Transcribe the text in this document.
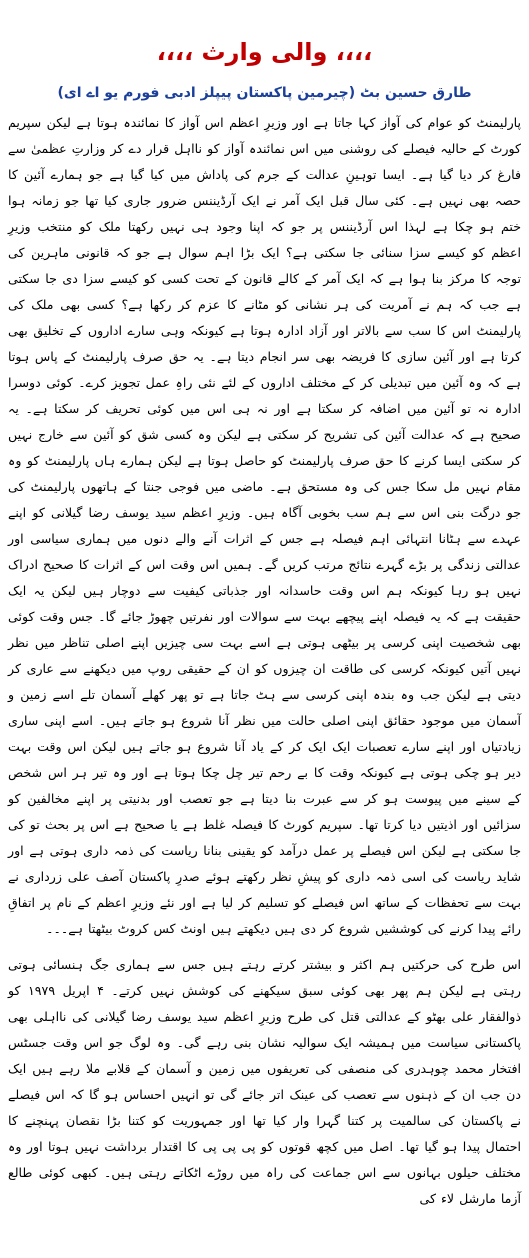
،،،، والی وارث ،،،،
طارق حسین بٹ (چیرمین پاکستان پیپلز ادبی فورم یو اے ای)

پارلیمنٹ کو عوام کی آواز کہا جاتا ہے اور وزیرِ اعظم اس آواز کا نمائندہ ہوتا ہے لیکن سپریم کورٹ کے حالیہ فیصلے کی روشنی میں اس نمائندہ آواز کو نااہل قرار دے کر وزارتِ عظمیٰ سے فارغ کر دیا گیا ہے۔ ایسا توہینِ عدالت کے جرم کی پاداش میں کیا گیا ہے جو ہمارے آئین کا حصہ بھی نہیں ہے۔ کئی سال قبل ایک آمر نے ایک آرڈیننس ضرور جاری کیا تھا جو زمانہ ہوا ختم ہو چکا ہے لہذا اس آرڈیننس پر جو کہ اپنا وجود ہی نہیں رکھتا ملک کو منتخب وزیرِ اعظم کو کیسے سزا سنائی جا سکتی ہے؟ ایک بڑا اہم سوال ہے جو کہ قانونی ماہرین کی توجہ کا مرکز بنا ہوا ہے کہ ایک آمر کے کالے قانون کے تحت کسی کو کیسے سزا دی جا سکتی ہے جب کہ ہم نے آمریت کی ہر نشانی کو مٹانے کا عزم کر رکھا ہے؟ کسی بھی ملک کی پارلیمنٹ اس کا سب سے بالاتر اور آزاد ادارہ ہوتا ہے کیونکہ وہی سارے اداروں کے تخلیق بھی کرتا ہے اور آئین سازی کا فریضہ بھی سر انجام دیتا ہے۔ یہ حق صرف پارلیمنٹ کے پاس ہوتا ہے کہ وہ آئین میں تبدیلی کر کے مختلف اداروں کے لئے نئی راہِ عمل تجویز کرے۔ کوئی دوسرا ادارہ نہ تو آئین میں اضافہ کر سکتا ہے اور نہ ہی اس میں کوئی تحریف کر سکتا ہے۔ یہ صحیح ہے کہ عدالت آئین کی تشریح کر سکتی ہے لیکن وہ کسی شق کو آئین سے خارج نہیں کر سکتی ایسا کرنے کا حق صرف پارلیمنٹ کو حاصل ہوتا ہے لیکن ہمارے ہاں پارلیمنٹ کو وہ مقام نہیں مل سکا جس کی وہ مستحق ہے۔ ماضی میں فوجی جنتا کے ہاتھوں پارلیمنٹ کی جو درگت بنی اس سے ہم سب بخوبی آگاہ ہیں۔ وزیرِ اعظم سید یوسف رضا گیلانی کو اپنے عہدے سے ہٹانا انتہائی اہم فیصلہ ہے جس کے اثرات آنے والے دنوں میں ہماری سیاسی اور عدالتی زندگی پر بڑے گہرے نتائج مرتب کریں گے۔ ہمیں اس وقت اس کے اثرات کا صحیح ادراک نہیں ہو رہا کیونکہ ہم اس وقت حاسدانہ اور جذباتی کیفیت سے دوچار ہیں لیکن یہ ایک حقیقت ہے کہ یہ فیصلہ اپنے پیچھے بہت سے سوالات اور نفرتیں چھوڑ جائے گا۔ جس وقت کوئی بھی شخصیت اپنی کرسی پر بیٹھی ہوتی ہے اسے بہت سی چیزیں اپنے اصلی تناظر میں نظر نہیں آتیں کیونکہ کرسی کی طاقت ان چیزوں کو ان کے حقیقی روپ میں دیکھنے سے عاری کر دیتی ہے لیکن جب وہ بندہ اپنی کرسی سے ہٹ جاتا ہے تو پھر کھلے آسمان تلے اسے زمین و آسمان میں موجود حقائق اپنی اصلی حالت میں نظر آنا شروع ہو جاتے ہیں۔ اسے اپنی ساری زیادتیاں اور اپنے سارے تعصبات ایک ایک کر کے یاد آنا شروع ہو جاتے ہیں لیکن اس وقت بہت دیر ہو چکی ہوتی ہے کیونکہ وقت کا بے رحم تیر چل چکا ہوتا ہے اور وہ تیر ہر اس شخص کے سینے میں پیوست ہو کر سے عبرت بنا دیتا ہے جو تعصب اور بدنیتی پر اپنے مخالفین کو سزائیں اور اذیتیں دیا کرتا تھا۔ سپریم کورٹ کا فیصلہ غلط ہے یا صحیح ہے اس پر بحث تو کی جا سکتی ہے لیکن اس فیصلے پر عمل درآمد کو یقینی بنانا ریاست کی ذمہ داری ہوتی ہے اور شاید ریاست کی اسی ذمہ داری کو پیشِ نظر رکھتے ہوئے صدرِ پاکستان آصف علی زرداری نے بہت سے تحفظات کے ساتھ اس فیصلے کو تسلیم کر لیا ہے اور نئے وزیرِ اعظم کے نام پر اتفاقِ رائے پیدا کرنے کی کوششیں شروع کر دی ہیں دیکھتے ہیں اونٹ کس کروٹ بیٹھتا ہے۔۔۔

اس طرح کی حرکتیں ہم اکثر و بیشتر کرتے رہتے ہیں جس سے ہماری جگ ہنسائی ہوتی رہتی ہے لیکن ہم پھر بھی کوئی سبق سیکھنے کی کوشش نہیں کرتے۔ ۴ اپریل ۱۹۷۹ کو ذوالفقار علی بھٹو کے عدالتی قتل کی طرح وزیرِ اعظم سید یوسف رضا گیلانی کی نااہلی بھی پاکستانی سیاست میں ہمیشہ ایک سوالیہ نشان بنی رہے گی۔ وہ لوگ جو اس وقت جسٹس افتخار محمد چوہدری کی منصفی کی تعریفوں میں زمین و آسمان کے قلابے ملا رہے ہیں ایک دن جب ان کے ذہنوں سے تعصب کی عینک اتر جائے گی تو انہیں احساس ہو گا کہ اس فیصلے نے پاکستان کی سالمیت پر کتنا گہرا وار کیا تھا اور جمہوریت کو کتنا بڑا نقصان پہنچنے کا احتمال پیدا ہو گیا تھا۔ اصل میں کچھ قوتوں کو پی پی پی کا اقتدار برداشت نہیں ہوتا اور وہ مختلف حیلوں بہانوں سے اس جماعت کی راہ میں روڑے اٹکاتے رہتی ہیں۔ کبھی کوئی طالع آزما مارشل لاء کی
